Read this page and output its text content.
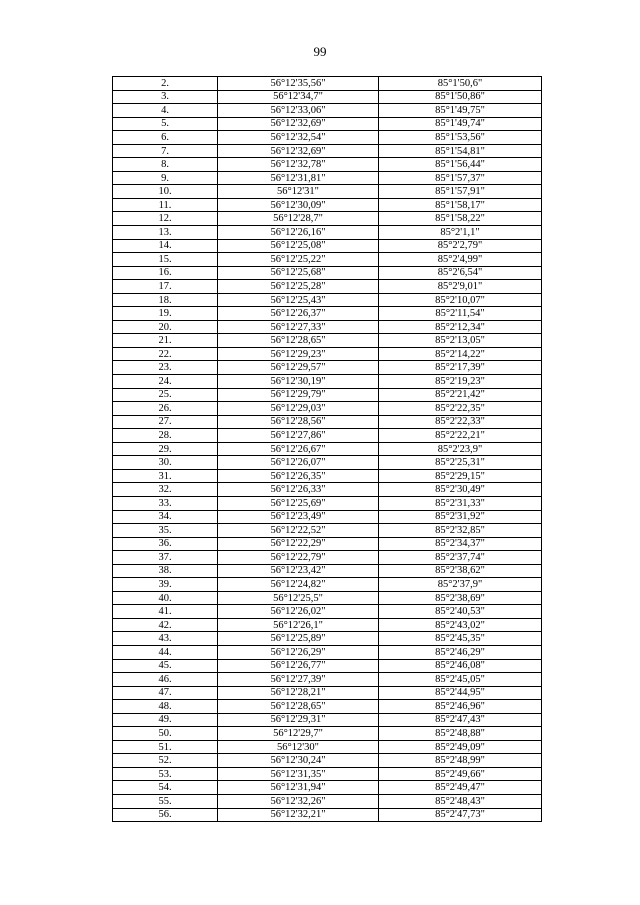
99
2.	56°12'35,56"	85°1'50,6"
3.	56°12'34,7"	85°1'50,86"
4.	56°12'33,06"	85°1'49,75"
5.	56°12'32,69"	85°1'49,74"
6.	56°12'32,54"	85°1'53,56"
7.	56°12'32,69"	85°1'54,81"
8.	56°12'32,78"	85°1'56,44"
9.	56°12'31,81"	85°1'57,37"
10.	56°12'31"	85°1'57,91"
11.	56°12'30,09"	85°1'58,17"
12.	56°12'28,7"	85°1'58,22"
13.	56°12'26,16"	85°2'1,1"
14.	56°12'25,08"	85°2'2,79"
15.	56°12'25,22"	85°2'4,99"
16.	56°12'25,68"	85°2'6,54"
17.	56°12'25,28"	85°2'9,01"
18.	56°12'25,43"	85°2'10,07"
19.	56°12'26,37"	85°2'11,54"
20.	56°12'27,33"	85°2'12,34"
21.	56°12'28,65"	85°2'13,05"
22.	56°12'29,23"	85°2'14,22"
23.	56°12'29,57"	85°2'17,39"
24.	56°12'30,19"	85°2'19,23"
25.	56°12'29,79"	85°2'21,42"
26.	56°12'29,03"	85°2'22,35"
27.	56°12'28,56"	85°2'22,33"
28.	56°12'27,86"	85°2'22,21"
29.	56°12'26,67"	85°2'23,9"
30.	56°12'26,07"	85°2'25,31"
31.	56°12'26,35"	85°2'29,15"
32.	56°12'26,33"	85°2'30,49"
33.	56°12'25,69"	85°2'31,33"
34.	56°12'23,49"	85°2'31,92"
35.	56°12'22,52"	85°2'32,85"
36.	56°12'22,29"	85°2'34,37"
37.	56°12'22,79"	85°2'37,74"
38.	56°12'23,42"	85°2'38,62"
39.	56°12'24,82"	85°2'37,9"
40.	56°12'25,5"	85°2'38,69"
41.	56°12'26,02"	85°2'40,53"
42.	56°12'26,1"	85°2'43,02"
43.	56°12'25,89"	85°2'45,35"
44.	56°12'26,29"	85°2'46,29"
45.	56°12'26,77"	85°2'46,08"
46.	56°12'27,39"	85°2'45,05"
47.	56°12'28,21"	85°2'44,95"
48.	56°12'28,65"	85°2'46,96"
49.	56°12'29,31"	85°2'47,43"
50.	56°12'29,7"	85°2'48,88"
51.	56°12'30"	85°2'49,09"
52.	56°12'30,24"	85°2'48,99"
53.	56°12'31,35"	85°2'49,66"
54.	56°12'31,94"	85°2'49,47"
55.	56°12'32,26"	85°2'48,43"
56.	56°12'32,21"	85°2'47,73"
